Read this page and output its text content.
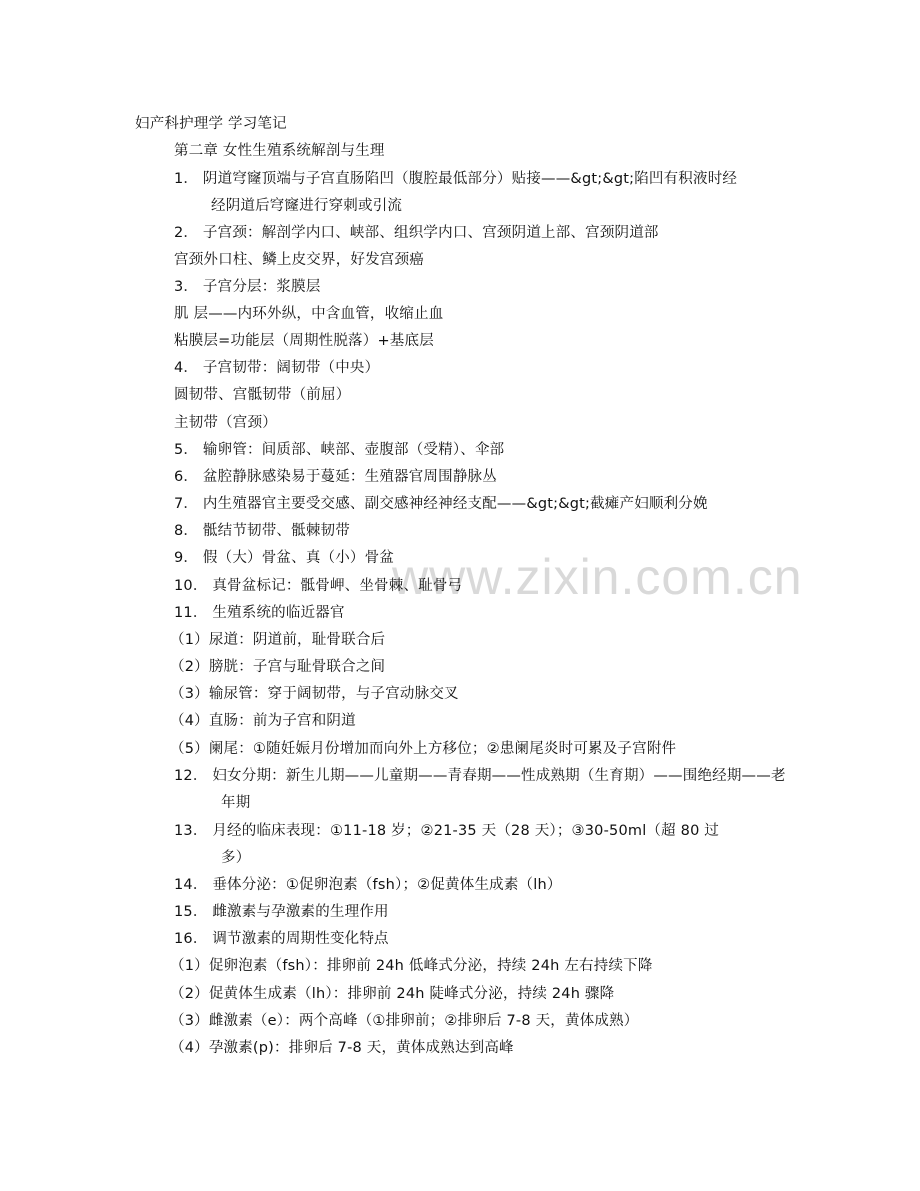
www.zixin.com.cn
妇产科护理学 学习笔记
第二章 女性生殖系统解剖与生理
1． 阴道穹窿顶端与子宫直肠陷凹（腹腔最低部分）贴接——&gt;&gt;陷凹有积液时经
经阴道后穹窿进行穿刺或引流
2． 子宫颈：解剖学内口、峡部、组织学内口、宫颈阴道上部、宫颈阴道部
宫颈外口柱、鳞上皮交界，好发宫颈癌
3． 子宫分层：浆膜层
肌 层——内环外纵，中含血管，收缩止血
粘膜层=功能层（周期性脱落）+基底层
4． 子宫韧带：阔韧带（中央）
圆韧带、宫骶韧带（前屈）
主韧带（宫颈）
5． 输卵管：间质部、峡部、壶腹部（受精）、伞部
6． 盆腔静脉感染易于蔓延：生殖器官周围静脉丛
7． 内生殖器官主要受交感、副交感神经神经支配——&gt;&gt;截瘫产妇顺利分娩
8． 骶结节韧带、骶棘韧带
9． 假（大）骨盆、真（小）骨盆
10． 真骨盆标记：骶骨岬、坐骨棘、耻骨弓
11． 生殖系统的临近器官
（1）尿道：阴道前，耻骨联合后
（2）膀胱：子宫与耻骨联合之间
（3）输尿管：穿于阔韧带，与子宫动脉交叉
（4）直肠：前为子宫和阴道
（5）阑尾：①随妊娠月份增加而向外上方移位；②患阑尾炎时可累及子宫附件
12． 妇女分期：新生儿期——儿童期——青春期——性成熟期（生育期）——围绝经期——老
年期
13． 月经的临床表现：①11-18 岁；②21-35 天（28 天）；③30-50ml（超 80 过
多）
14． 垂体分泌：①促卵泡素（fsh）；②促黄体生成素（lh）
15． 雌激素与孕激素的生理作用
16． 调节激素的周期性变化特点
（1）促卵泡素（fsh）：排卵前 24h 低峰式分泌，持续 24h 左右持续下降
（2）促黄体生成素（lh）：排卵前 24h 陡峰式分泌，持续 24h 骤降
（3）雌激素（e）：两个高峰（①排卵前；②排卵后 7-8 天，黄体成熟）
（4）孕激素(p)：排卵后 7-8 天，黄体成熟达到高峰
